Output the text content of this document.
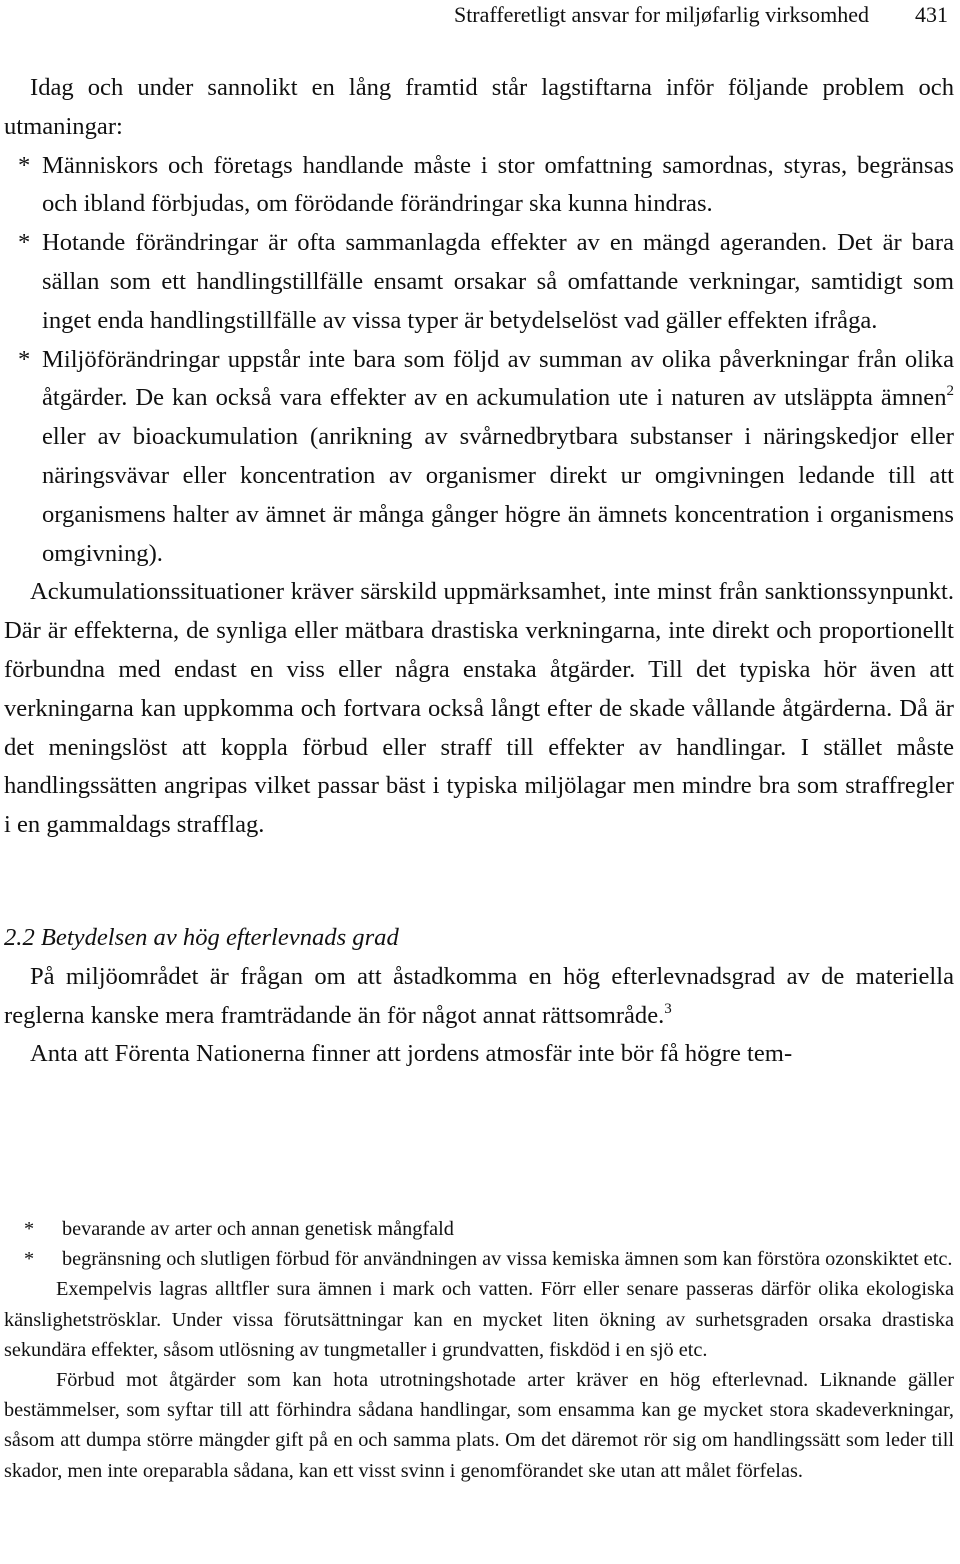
Strafferetligt ansvar for miljøfarlig virksomhed 431

Idag och under sannolikt en lång framtid står lagstiftarna inför följande problem och utmaningar:

* Människors och företags handlande måste i stor omfattning samordnas, styras, begränsas och ibland förbjudas, om förödande förändringar ska kunna hindras.

* Hotande förändringar är ofta sammanlagda effekter av en mängd ageranden. Det är bara sällan som ett handlingstillfälle ensamt orsakar så omfattande verkningar, samtidigt som inget enda handlingstillfälle av vissa typer är betydelselöst vad gäller effekten ifråga.

* Miljöförändringar uppstår inte bara som följd av summan av olika påverkningar från olika åtgärder. De kan också vara effekter av en ackumulation ute i naturen av utsläppta ämnen$^2$ eller av bioackumulation (anrikning av svårnedbrytbara substanser i näringskedjor eller näringsvävar eller koncentration av organismer direkt ur omgivningen ledande till att organismens halter av ämnet är många gånger högre än ämnets koncentration i organismens omgivning).

Ackumulationssituationer kräver särskild uppmärksamhet, inte minst från sanktionssynpunkt. Där är effekterna, de synliga eller mätbara drastiska verkningarna, inte direkt och proportionellt förbundna med endast en viss eller några enstaka åtgärder. Till det typiska hör även att verkningarna kan uppkomma och fortvara också långt efter de skade vållande åtgärderna. Då är det meningslöst att koppla förbud eller straff till effekter av handlingar. I stället måste handlingssätten angripas vilket passar bäst i typiska miljölagar men mindre bra som straffregler i en gammaldags strafflag.

2.2 Betydelsen av hög efterlevnads grad

På miljöområdet är frågan om att åstadkomma en hög efterlevnadsgrad av de materiella reglerna kanske mera framträdande än för något annat rättsområde.$^3$

Anta att Förenta Nationerna finner att jordens atmosfär inte bör få högre tem-

* bevarande av arter och annan genetisk mångfald

* begränsning och slutligen förbud för användningen av vissa kemiska ämnen som kan förstöra ozonskiktet etc.

Exempelvis lagras alltfler sura ämnen i mark och vatten. Förr eller senare passeras därför olika ekologiska känslighetströsklar. Under vissa förutsättningar kan en mycket liten ökning av surhetsgraden orsaka drastiska sekundära effekter, såsom utlösning av tungmetaller i grundvatten, fiskdöd i en sjö etc.

Förbud mot åtgärder som kan hota utrotningshotade arter kräver en hög efterlevnad. Liknande gäller bestämmelser, som syftar till att förhindra sådana handlingar, som ensamma kan ge mycket stora skadeverkningar, såsom att dumpa större mängder gift på en och samma plats. Om det däremot rör sig om handlingssätt som leder till skador, men inte oreparabla sådana, kan ett visst svinn i genomförandet ske utan att målet förfelas.
